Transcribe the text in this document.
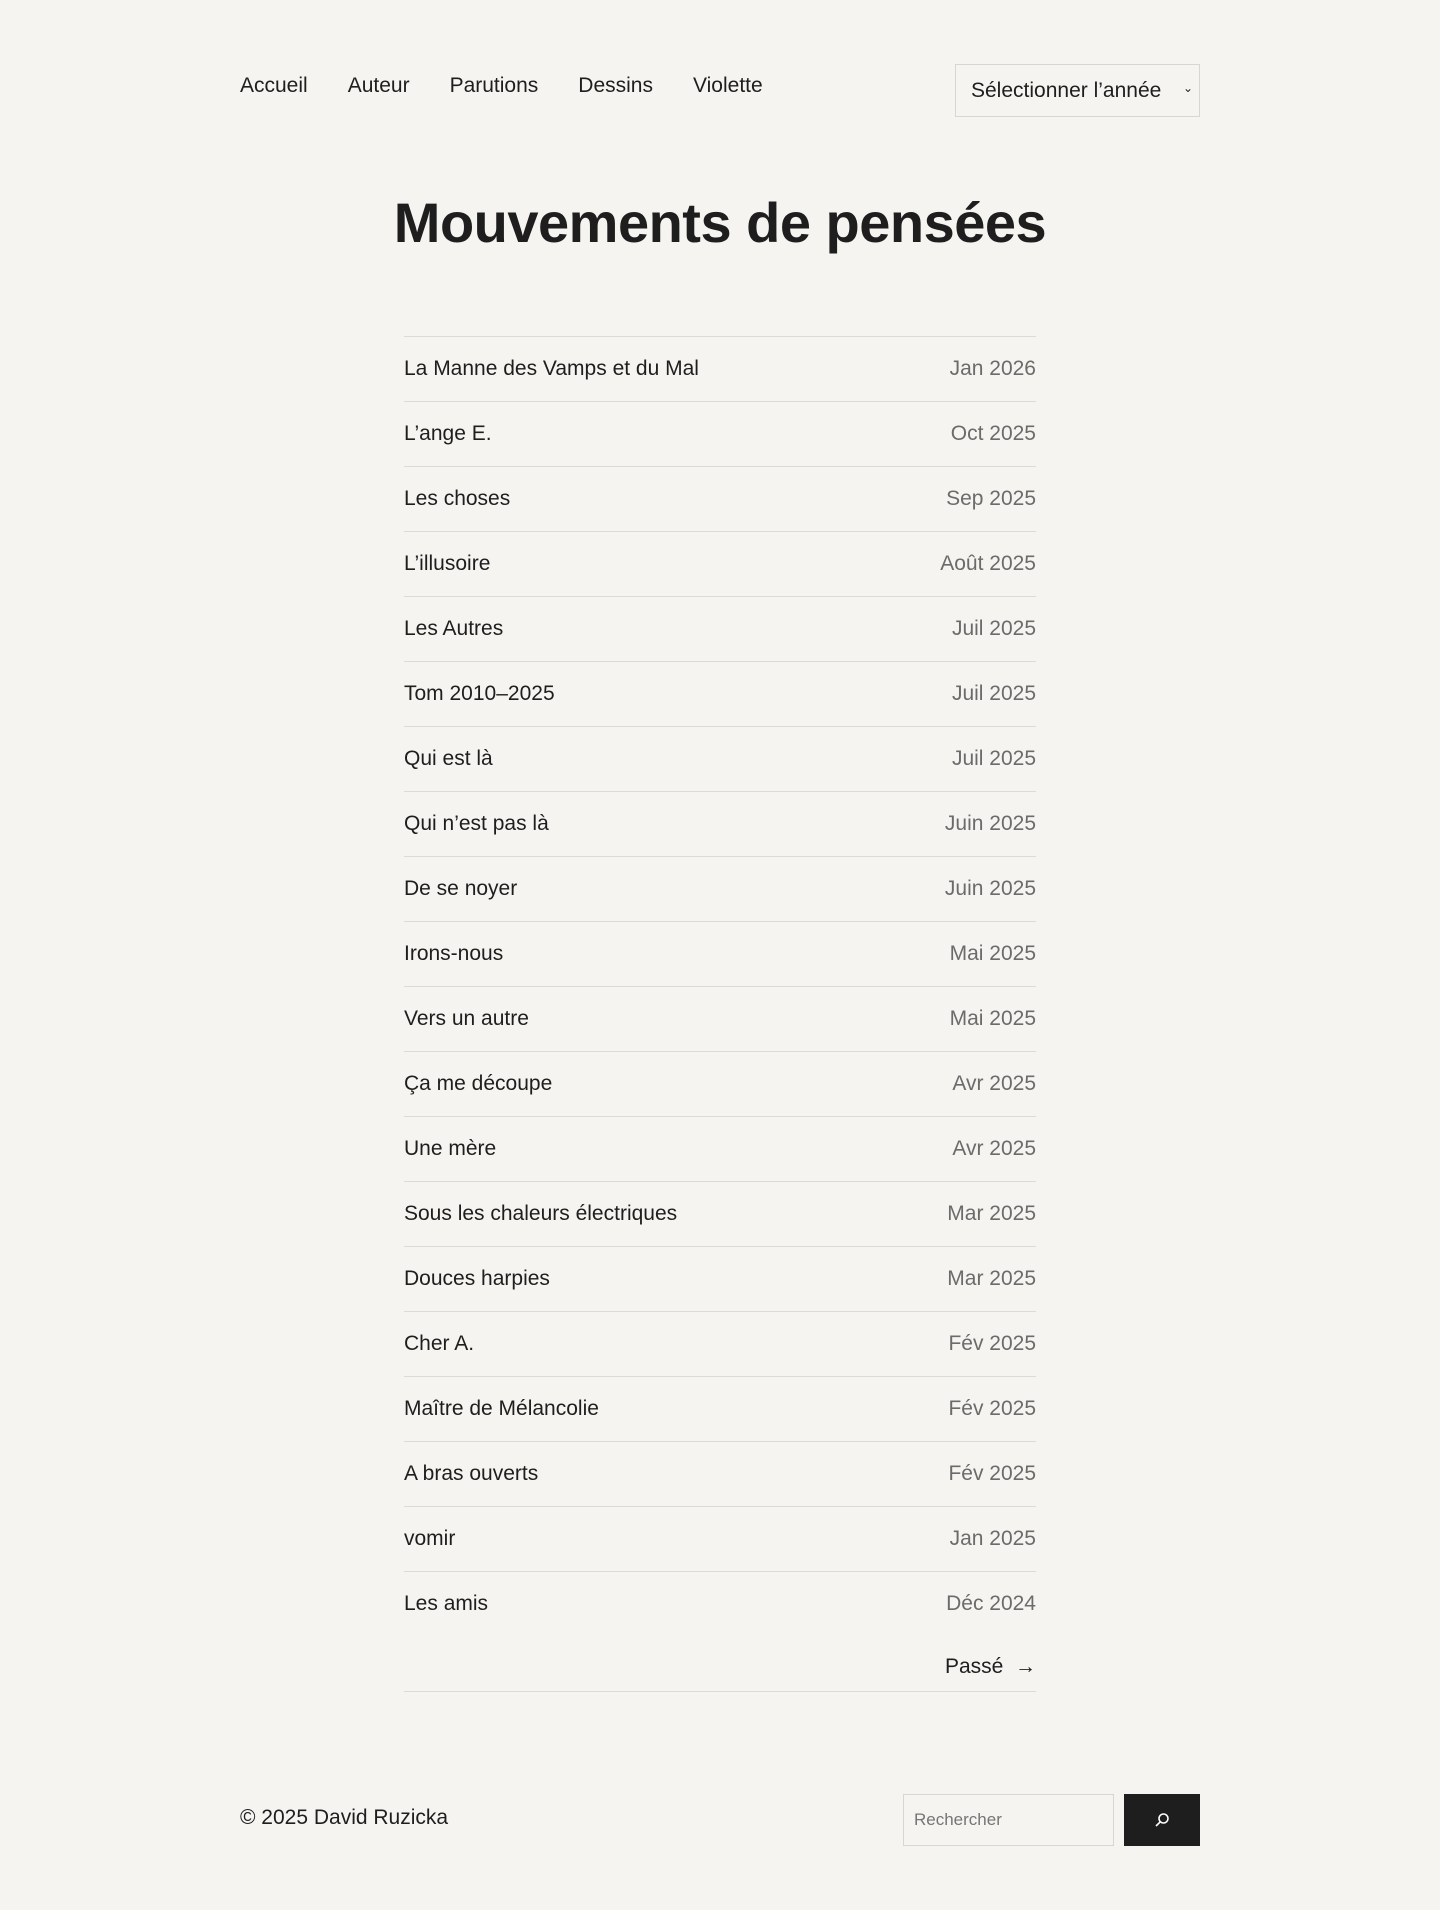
Accueil Auteur Parutions Dessins Violette	Sélectionner l’année ⌄
Mouvements de pensées
La Manne des Vamps et du Mal	Jan 2026
L’ange E.	Oct 2025
Les choses	Sep 2025
L’illusoire	Août 2025
Les Autres	Juil 2025
Tom 2010–2025	Juil 2025
Qui est là	Juil 2025
Qui n’est pas là	Juin 2025
De se noyer	Juin 2025
Irons-nous	Mai 2025
Vers un autre	Mai 2025
Ça me découpe	Avr 2025
Une mère	Avr 2025
Sous les chaleurs électriques	Mar 2025
Douces harpies	Mar 2025
Cher A.	Fév 2025
Maître de Mélancolie	Fév 2025
A bras ouverts	Fév 2025
vomir	Jan 2025
Les amis	Déc 2024
Passé →
© 2025 David Ruzicka
Rechercher
